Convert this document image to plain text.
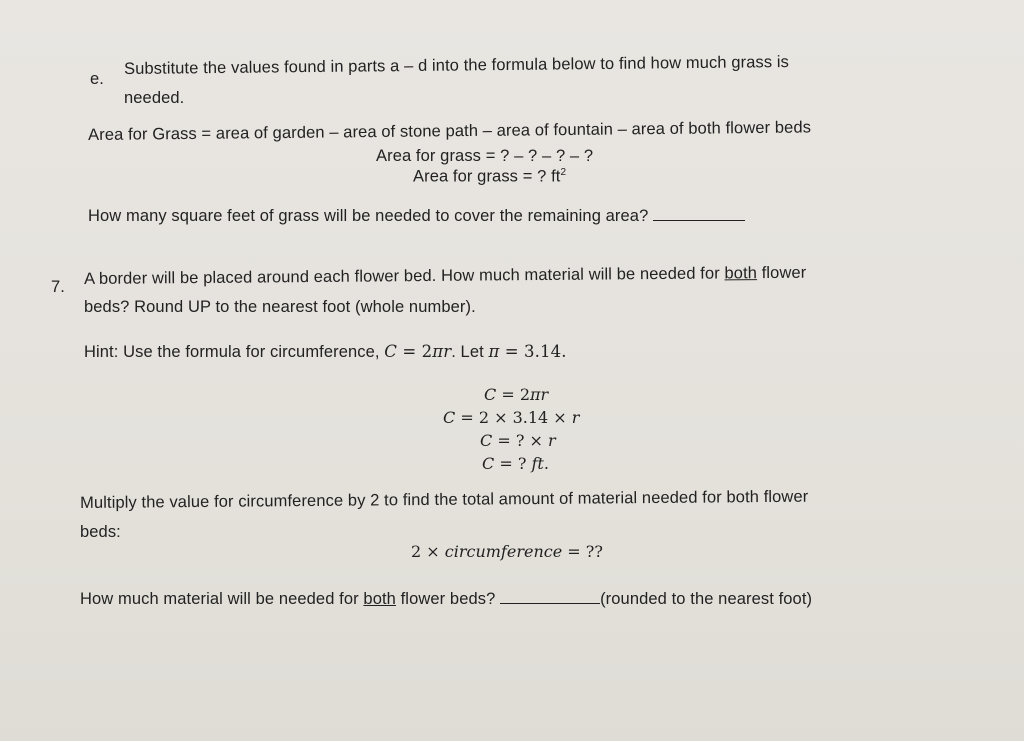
e.
Substitute the values found in parts a – d into the formula below to find how much grass is
needed.
Area for Grass = area of garden – area of stone path – area of fountain – area of both flower beds
Area for grass = ? – ? – ? – ?
Area for grass = ? $ft^2$
How many square feet of grass will be needed to cover the remaining area?
7. A border will be placed around each flower bed. How much material will be needed for both flower
beds? Round UP to the nearest foot (whole number).
Hint: Use the formula for circumference, C = 2πr. Let π = 3.14.
C = 2πr
C = 2 × 3.14 × r
C = ? × r
C = ? ft.
Multiply the value for circumference by 2 to find the total amount of material needed for both flower
beds:
2 × circumference = ??
How much material will be needed for both flower beds?	(rounded to the nearest foot)
